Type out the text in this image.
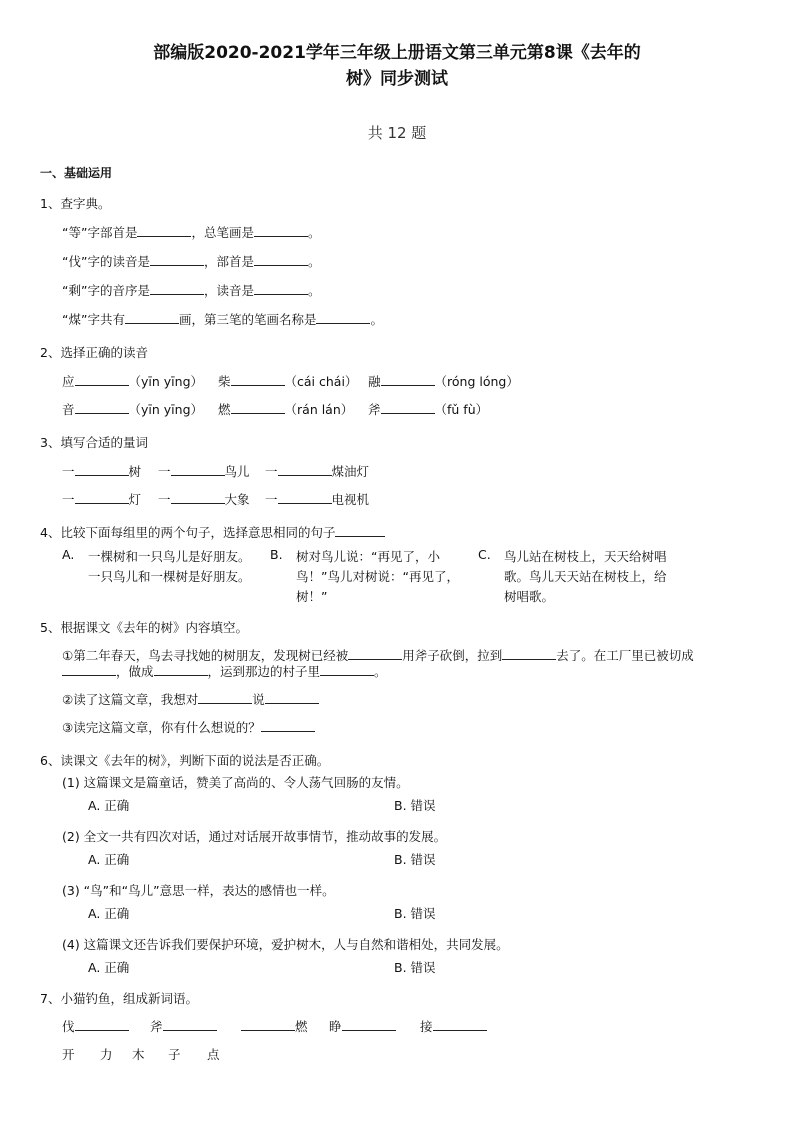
部编版2020-2021学年三年级上册语文第三单元第8课《去年的
树》同步测试
共 12 题
一、基础运用
1、查字典。
“等”字部首是	，总笔画是	。
“伐”字的读音是	，部首是	。
“剩”字的音序是	，读音是	。
“煤”字共有	画，第三笔的笔画名称是	。
2、选择正确的读音
应	（yīn yīng） 柴	（cái chái） 融	（róng lóng）
音	（yīn yīng） 燃	（rán lán） 斧	（fǔ fù）
3、填写合适的量词
一	树 一	鸟儿 一	煤油灯
一	灯 一	大象 一	电视机
4、比较下面每组里的两个句子，选择意思相同的句子
A. 一棵树和一只鸟儿是好朋友。
一只鸟儿和一棵树是好朋友。
B. 树对鸟儿说：“再见了，小
鸟！”鸟儿对树说：“再见了，
树！”
C. 鸟儿站在树枝上，天天给树唱
歌。鸟儿天天站在树枝上，给
树唱歌。
5、根据课文《去年的树》内容填空。
①第二年春天，鸟去寻找她的树朋友，发现树已经被	用斧子砍倒，拉到	去了。在工厂里已被切成
，做成	，运到那边的村子里	。
②读了这篇文章，我想对	说
③读完这篇文章，你有什么想说的？
6、读课文《去年的树》，判断下面的说法是否正确。
(1) 这篇课文是篇童话，赞美了高尚的、令人荡气回肠的友情。
A. 正确	B. 错误
(2) 全文一共有四次对话，通过对话展开故事情节，推动故事的发展。
A. 正确	B. 错误
(3) “鸟”和“鸟儿”意思一样，表达的感情也一样。
A. 正确	B. 错误
(4) 这篇课文还告诉我们要保护环境，爱护树木，人与自然和谐相处，共同发展。
A. 正确	B. 错误
7、小猫钓鱼，组成新词语。
伐	斧	燃 睁	接
开 力 木 子 点
